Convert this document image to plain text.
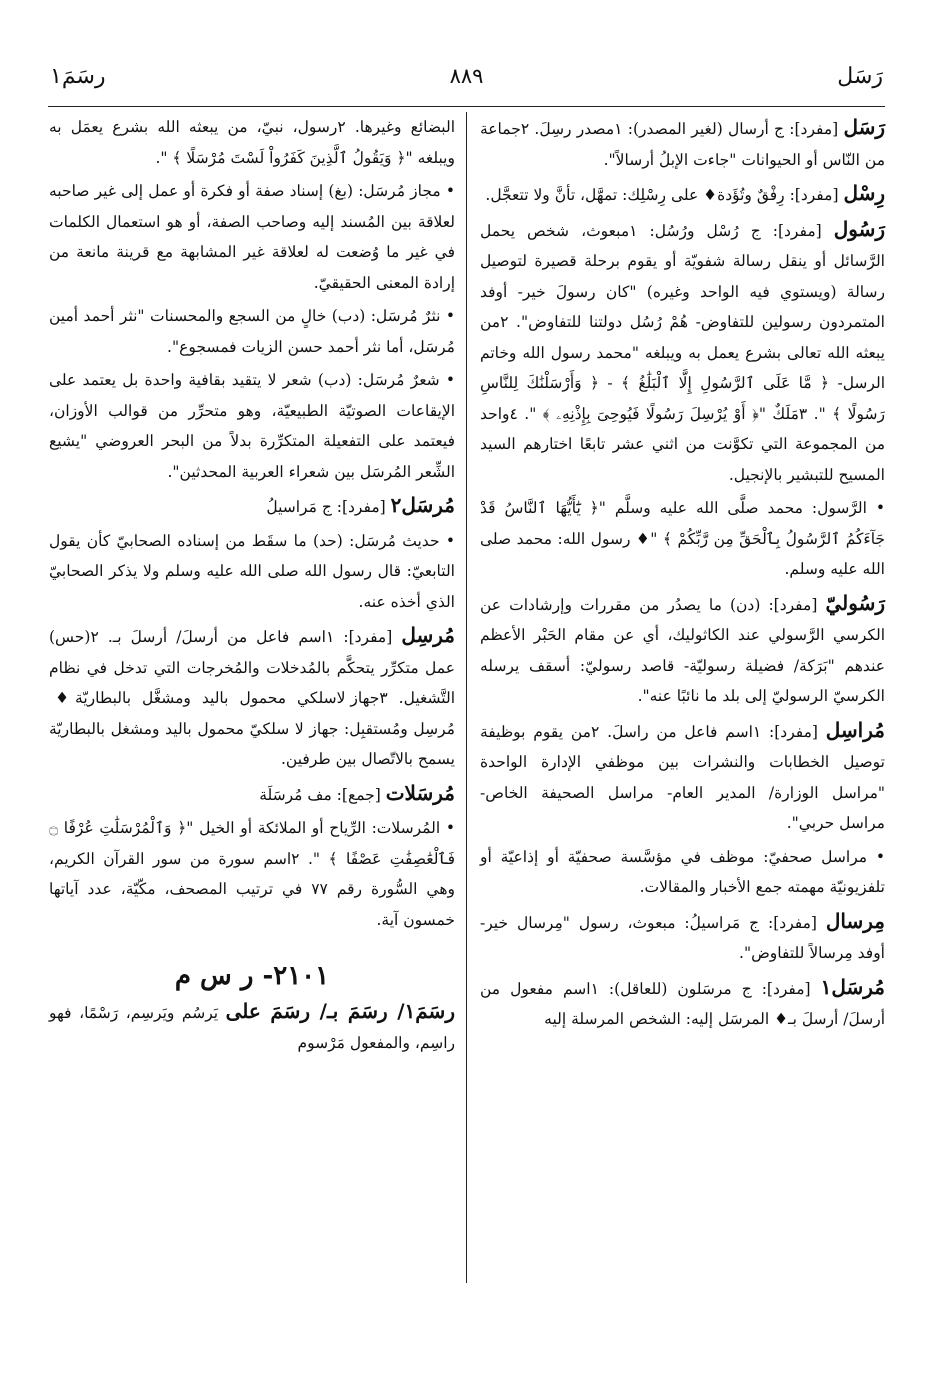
رَسَل
٨٨٩
رسَمَ١

رَسَل [مفرد]: ج أرسال (لغير المصدر): ١مصدر رسِلَ. ٢جماعة من النّاس أو الحيوانات "جاءت الإبلُ أرسالاً".

رِسْل [مفرد]: رِفْقٌ وتُؤَدة♦ على رِسْلِك: تمهَّل، تأنَّ ولا تتعجَّل.

رَسُول [مفرد]: ج رُسْل ورُسُل: ١مبعوث، شخص يحمل الرَّسائل أو ينقل رسالة شفويّة أو يقوم برحلة قصيرة لتوصيل رسالة (ويستوي فيه الواحد وغيره) "كان رسولَ خير- أوفد المتمردون رسولين للتفاوض- هُمْ رُسُل دولتنا للتفاوض". ٢من يبعثه الله تعالى بشرع يعمل به ويبلغه "محمد رسول الله وخاتم الرسل- ﴿ مَّا عَلَى ٱلرَّسُولِ إِلَّا ٱلْبَلَٰغُ ﴾ - ﴿ وَأَرْسَلْنَٰكَ لِلنَّاسِ رَسُولًا ﴾ ". ٣مَلَكٌ "﴿ أَوْ يُرْسِلَ رَسُولًا فَيُوحِىَ بِإِذْنِهِۦ ﴾ ". ٤واحد من المجموعة التي تكوَّنت من اثني عشر تابعًا اختارهم السيد المسيح للتبشير بالإنجيل.

• الرَّسول: محمد صلَّى الله عليه وسلَّم "﴿ يَٰٓأَيُّهَا ٱلنَّاسُ قَدْ جَآءَكُمُ ٱلرَّسُولُ بِٱلْحَقِّ مِن رَّبِّكُمْ ﴾ "♦ رسول الله: محمد صلى الله عليه وسلم.

رَسُوليّ [مفرد]: (دن) ما يصدُر من مقررات وإرشادات عن الكرسي الرَّسولي عند الكاثوليك، أي عن مقام الحَبْر الأعظم عندهم "بَرَكة/ فضيلة رسوليّة- قاصد رسوليّ: أسقف يرسله الكرسيّ الرسوليّ إلى بلد ما نائبًا عنه".

مُراسِل [مفرد]: ١اسم فاعل من راسلَ. ٢من يقوم بوظيفة توصيل الخطابات والنشرات بين موظفي الإدارة الواحدة "مراسل الوزارة/ المدير العام- مراسل الصحيفة الخاص- مراسل حربي".

• مراسل صحفيّ: موظف في مؤسَّسة صحفيّة أو إذاعيّة أو تلفزيونيّة مهمته جمع الأخبار والمقالات.

مِرسال [مفرد]: ج مَراسيلُ: مبعوث، رسول "مِرسال خير- أوفد مِرسالاً للتفاوض".

مُرسَل١ [مفرد]: ج مرسَلون (للعاقل): ١اسم مفعول من أرسلَ/ أرسلَ بـ♦ المرسَل إليه: الشخص المرسلة إليه

البضائع وغيرها. ٢رسول، نبيّ، من يبعثه الله بشرع يعمَل به ويبلغه "﴿ وَيَقُولُ ٱلَّذِينَ كَفَرُواْ لَسْتَ مُرْسَلًا ﴾ ".

• مجاز مُرسَل: (بغ) إسناد صفة أو فكرة أو عمل إلى غير صاحبه لعلاقة بين المُسند إليه وصاحب الصفة، أو هو استعمال الكلمات في غير ما وُضعت له لعلاقة غير المشابهة مع قرينة مانعة من إرادة المعنى الحقيقيّ.

• نثرٌ مُرسَل: (دب) خالٍ من السجع والمحسنات "نثر أحمد أمين مُرسَل، أما نثر أحمد حسن الزيات فمسجوع".

• شعرٌ مُرسَل: (دب) شعر لا يتقيد بقافية واحدة بل يعتمد على الإيقاعات الصوتيّة الطبيعيّة، وهو متحرِّر من قوالب الأوزان، فيعتمد على التفعيلة المتكرِّرة بدلاً من البحر العروضي "يشيع الشِّعر المُرسَل بين شعراء العربية المحدثين".

مُرسَل٢ [مفرد]: ج مَراسيلُ

• حديث مُرسَل: (حد) ما سقَط من إسناده الصحابيّ كأن يقول التابعيّ: قال رسول الله صلى الله عليه وسلم ولا يذكر الصحابيّ الذي أخذه عنه.

مُرسِل [مفرد]: ١اسم فاعل من أرسلَ/ أرسلَ بـ. ٢(حس) عمل متكرِّر يتحكَّم بالمُدخلات والمُخرجات التي تدخل في نظام التَّشغيل. ٣جهاز لاسلكي محمول باليد ومشغَّل بالبطاريّة♦ مُرسِل ومُستقبِل: جهاز لا سلكيّ محمول باليد ومشغل بالبطاريّة يسمح بالاتّصال بين طرفين.

مُرسَلات [جمع]: مف مُرسَلَة

• المُرسلات: الرِّياح أو الملائكة أو الخيل "﴿ وَٱلْمُرْسَلَٰتِ عُرْفًا ۝ فَٱلْعَٰصِفَٰتِ عَصْفًا ﴾ ". ٢اسم سورة من سور القرآن الكريم، وهي السُّورة رقم ٧٧ في ترتيب المصحف، مكّيّة، عدد آياتها خمسون آية.

٢١٠١- ر س م

رسَمَ١/ رسَمَ بـ/ رسَمَ على يَرسُم ويَرسِم، رَسْمًا، فهو راسِم، والمفعول مَرْسوم
